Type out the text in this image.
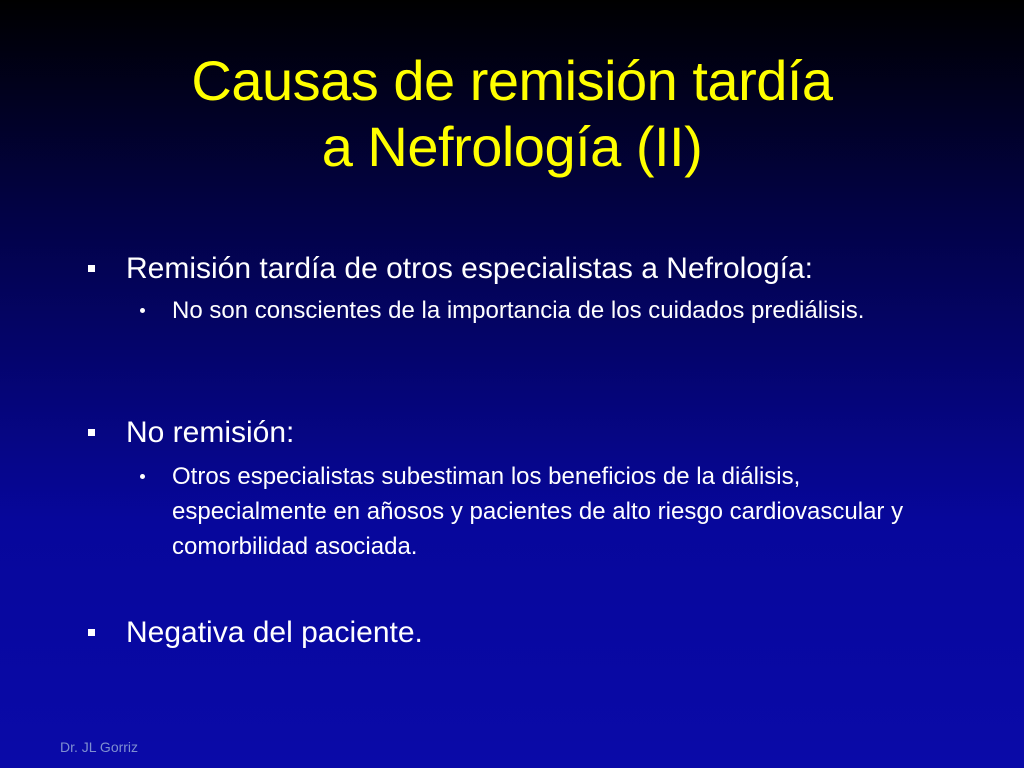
Causas de remisión tardía
a Nefrología (II)
Remisión tardía de otros especialistas a Nefrología:
No son conscientes de la importancia de los cuidados prediálisis.
No remisión:
Otros especialistas subestiman los beneficios de la diálisis, especialmente en añosos y pacientes de alto riesgo cardiovascular y comorbilidad asociada.
Negativa del paciente.
Dr. JL Gorriz
